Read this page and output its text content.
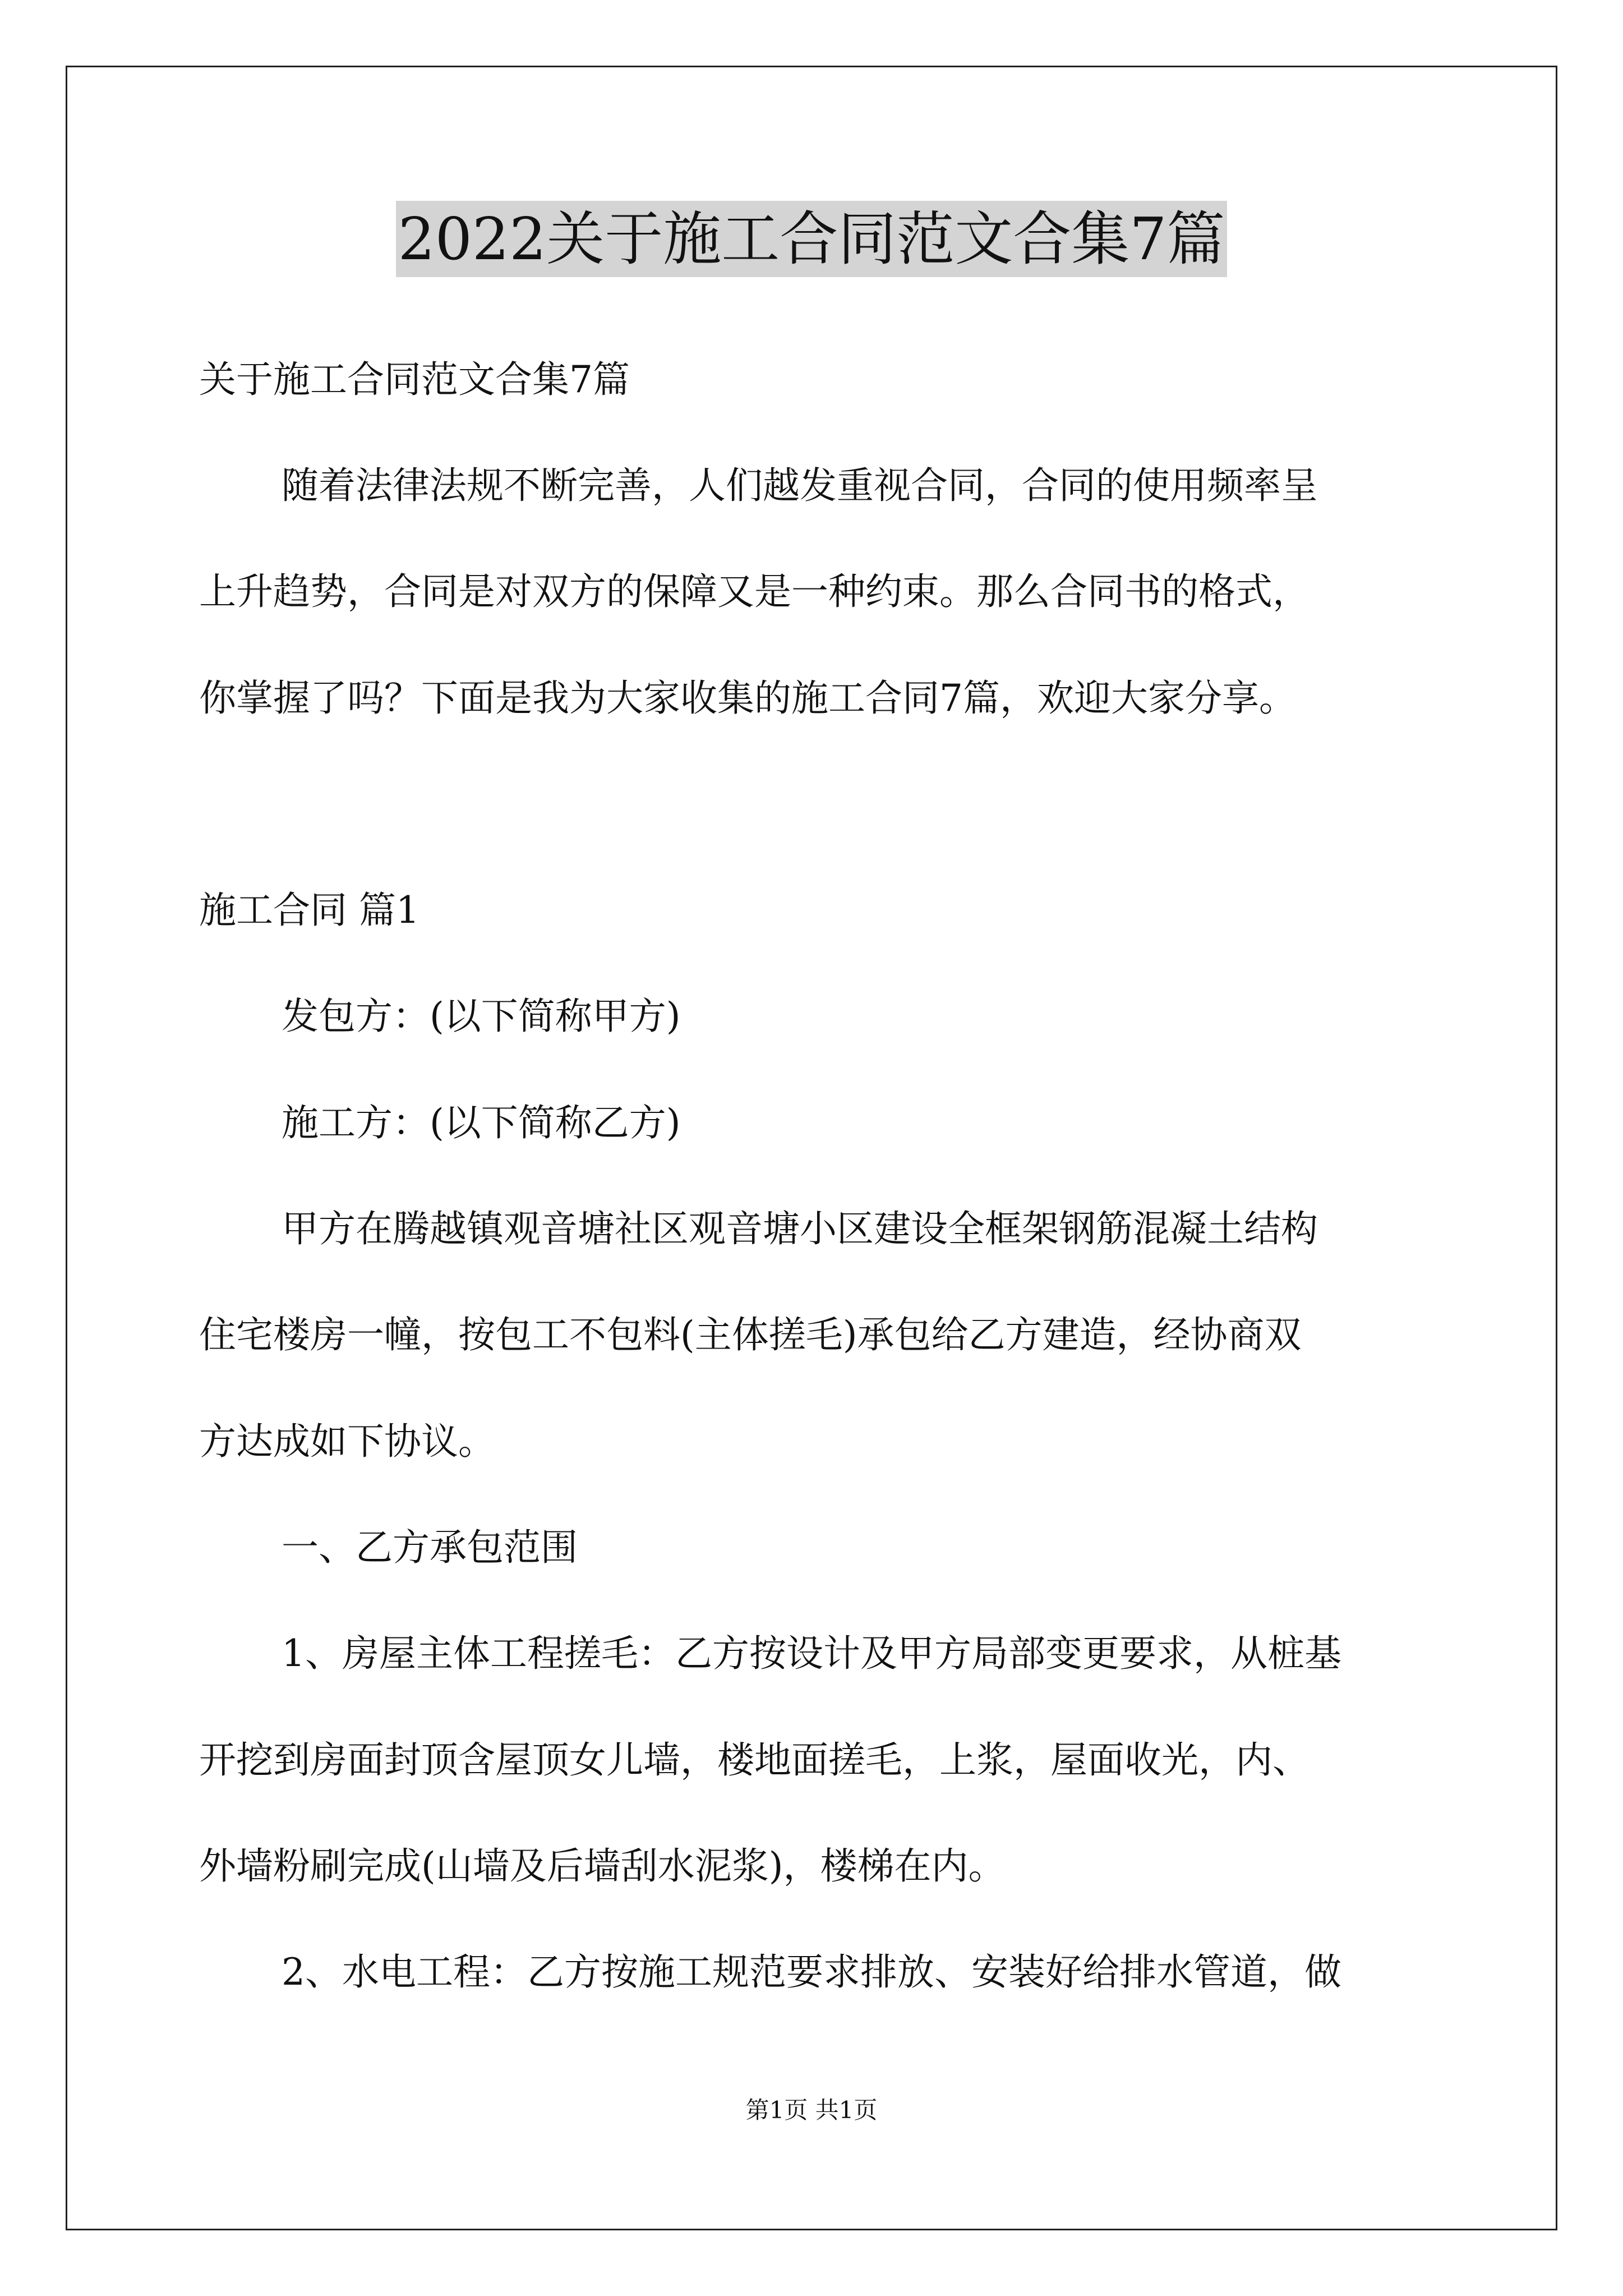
2022关于施工合同范文合集7篇
关于施工合同范文合集7篇
随着法律法规不断完善，人们越发重视合同，合同的使用频率呈
上升趋势，合同是对双方的保障又是一种约束。那么合同书的格式，
你掌握了吗？下面是我为大家收集的施工合同7篇，欢迎大家分享。
施工合同 篇1
发包方：(以下简称甲方)
施工方：(以下简称乙方)
甲方在腾越镇观音塘社区观音塘小区建设全框架钢筋混凝土结构
住宅楼房一幢，按包工不包料(主体搓毛)承包给乙方建造，经协商双
方达成如下协议。
一、乙方承包范围
1、房屋主体工程搓毛：乙方按设计及甲方局部变更要求，从桩基
开挖到房面封顶含屋顶女儿墙，楼地面搓毛，上浆，屋面收光，内、
外墙粉刷完成(山墙及后墙刮水泥浆)，楼梯在内。
2、水电工程：乙方按施工规范要求排放、安装好给排水管道，做
第1页 共1页
